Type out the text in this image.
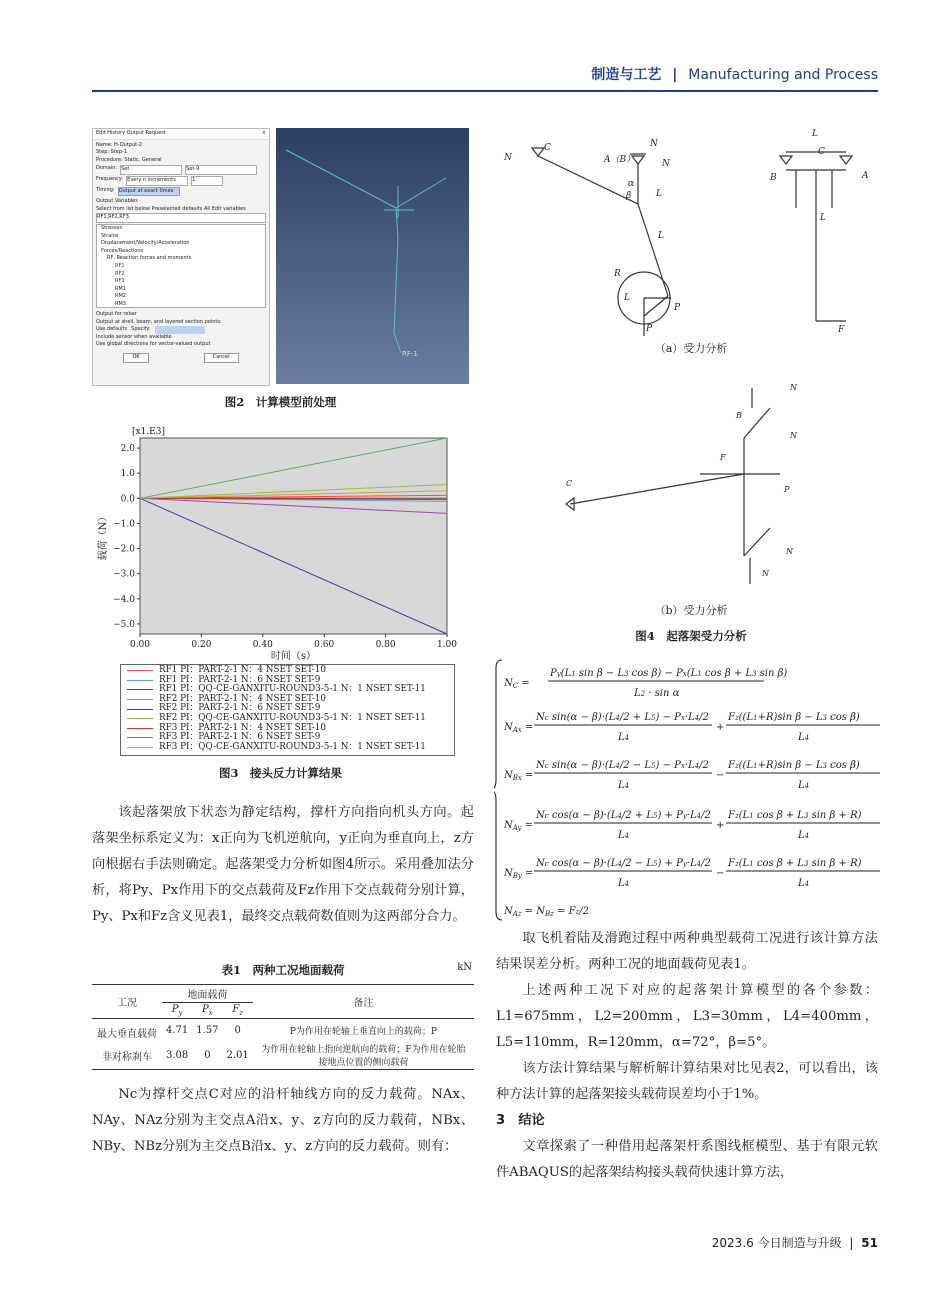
制造与工艺 | Manufacturing and Process
Edit History Output Request	×
Name: H-Output-2
Step: Step-1
Procedure: Static, General
Domain: Set	Set-9
Frequency: Every n increments	1
Timing: Output at exact times
Output Variables
Select from list below Preselected defaults All Edit variables
RF1,RF2,RF3,
Stresses
Strains
Displacement/Velocity/Acceleration
Forces/Reactions
RF, Reaction forces and moments
RF1
RF2
RF3
RM1
RM2
RM3
Output for rebar
Output at shell, beam, and layered section points:
Use defaults Specify:
Include sensor when available
Use global directions for vector-valued output
OK	Cancel	RF-1
图2　计算模型前处理
2.0
1.0
0.0
−1.0
−2.0
−3.0
−4.0
−5.0
0.00	0.20	0.40	0.60	0.80	1.00
[x1.E3]
时间（s）
载荷（N）
RF1 PI：PART-2-1 N：4 NSET SET-10
RF1 PI：PART-2-1 N：6 NSET SET-9
RF1 PI：QQ-CE-GANXITU-ROUND3-5-1 N：1 NSET SET-11
RF2 PI：PART-2-1 N：4 NSET SET-10
RF2 PI：PART-2-1 N：6 NSET SET-9
RF2 PI：QQ-CE-GANXITU-ROUND3-5-1 N：1 NSET SET-11
RF3 PI：PART-2-1 N：4 NSET SET-10
RF3 PI：PART-2-1 N：6 NSET SET-9
RF3 PI：QQ-CE-GANXITU-ROUND3-5-1 N：1 NSET SET-11
图3　接头反力计算结果

该起落架放下状态为静定结构，撑杆方向指向机头方向。起落架坐标系定义为：x正向为飞机逆航向，y正向为垂直向上，z方向根据右手法则确定。起落架受力分析如图4所示。采用叠加法分析，将Py、Px作用下的交点载荷及Fz作用下交点载荷分别计算，Py、Px和Fz含义见表1，最终交点载荷数值则为这两部分合力。

表1　两种工况地面载荷	kN
工况	地面载荷			备注
	$P_y$	$P_x$	$F_z$
最大垂直载荷	4.71	1.57	0	P为作用在轮轴上垂直向上的载荷；P
非对称刹车	3.08	0	2.01	为作用在轮轴上指向逆航向的载荷；F为作用在轮胎接地点位置的侧向载荷

Nc为撑杆交点C对应的沿杆轴线方向的反力载荷。NAx、NAy、NAz分别为主交点A沿x、y、z方向的反力载荷，NBx、NBy、NBz分别为主交点B沿x、y、z方向的反力载荷。则有：

N
C
A（B）
N
N
α
β	L
L
R
L
P
P
L
C
B	A
L
F
（a）受力分析
C
B
F
P
N
N
N
N
（b）受力分析
图4　起落架受力分析
$N_C$ =
Py(L1 sin β − L3 cos β) − Px(L1 cos β + L3 sin β)
L2 · sin α
$N_{Ax}$ =
Nc sin(α − β)·(L4/2 + L5) − Px·L4/2
L4
+
Fz((L1+R)sin β − L3 cos β)
L4
$N_{Bx}$ =
Nc sin(α − β)·(L4/2 − L5) − Px·L4/2
L4
−
Fz((L1+R)sin β − L3 cos β)
L4
$N_{Ay}$ =
Nc cos(α − β)·(L4/2 + L5) + Py·L4/2
L4
+
Fz(L1 cos β + L3 sin β + R)
L4
$N_{By}$ =
Nc cos(α − β)·(L4/2 − L5) + Py·L4/2
L4
−
Fz(L1 cos β + L3 sin β + R)
L4
$N_{Az} = N_{Bz} = Fz/2$

取飞机着陆及滑跑过程中两种典型载荷工况进行该计算方法结果误差分析。两种工况的地面载荷见表1。

上述两种工况下对应的起落架计算模型的各个参数：L1=675mm，L2=200mm，L3=30mm，L4=400mm，L5=110mm，R=120mm，α=72°，β=5°。

该方法计算结果与解析解计算结果对比见表2，可以看出，该种方法计算的起落架接头载荷误差均小于1%。

3　结论

文章探索了一种借用起落架杆系图线框模型、基于有限元软件ABAQUS的起落架结构接头载荷快速计算方法，

2023.6 今日制造与升级 | 51
